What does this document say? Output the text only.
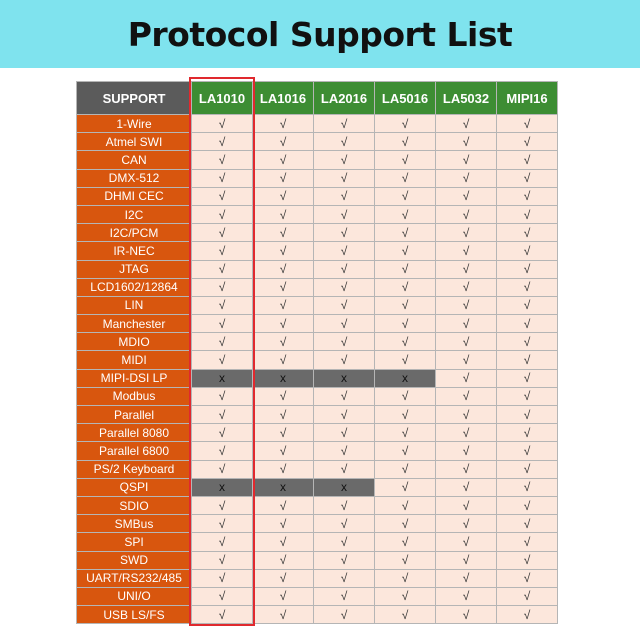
Protocol Support List
SUPPORT	LA1010	LA1016	LA2016	LA5016	LA5032	MIPI16
1-Wire	√	√	√	√	√	√
Atmel SWI	√	√	√	√	√	√
CAN	√	√	√	√	√	√
DMX-512	√	√	√	√	√	√
DHMI CEC	√	√	√	√	√	√
I2C	√	√	√	√	√	√
I2C/PCM	√	√	√	√	√	√
IR-NEC	√	√	√	√	√	√
JTAG	√	√	√	√	√	√
LCD1602/12864	√	√	√	√	√	√
LIN	√	√	√	√	√	√
Manchester	√	√	√	√	√	√
MDIO	√	√	√	√	√	√
MIDI	√	√	√	√	√	√
MIPI-DSI LP	x	x	x	x	√	√
Modbus	√	√	√	√	√	√
Parallel	√	√	√	√	√	√
Parallel 8080	√	√	√	√	√	√
Parallel 6800	√	√	√	√	√	√
PS/2 Keyboard	√	√	√	√	√	√
QSPI	x	x	x	√	√	√
SDIO	√	√	√	√	√	√
SMBus	√	√	√	√	√	√
SPI	√	√	√	√	√	√
SWD	√	√	√	√	√	√
UART/RS232/485	√	√	√	√	√	√
UNI/O	√	√	√	√	√	√
USB LS/FS	√	√	√	√	√	√
